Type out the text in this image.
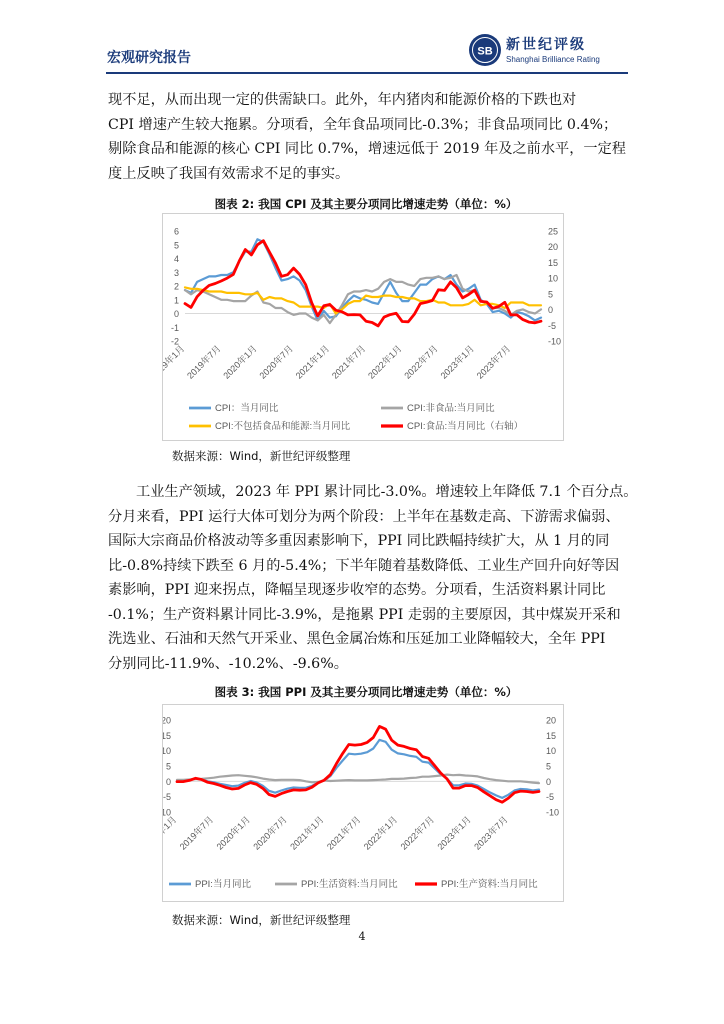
宏观研究报告	SB 新世纪评级
Shanghai Brilliance Rating

现不足，从而出现一定的供需缺口。此外，年内猪肉和能源价格的下跌也对
CPI 增速产生较大拖累。分项看，全年食品项同比-0.3%；非食品项同比 0.4%；
剔除食品和能源的核心 CPI 同比 0.7%，增速远低于 2019 年及之前水平，一定程
度上反映了我国有效需求不足的事实。

图表 2: 我国 CPI 及其主要分项同比增速走势（单位：%）
6
5
4
3
2
1
0
-1
-2
25
20
15
10
5
0
-5
-10
2019年1月
2019年7月
2020年1月
2020年7月
2021年1月
2021年7月
2022年1月
2022年7月
2023年1月
2023年7月
CPI：当月同比	CPI:非食品:当月同比
CPI:不包括食品和能源:当月同比	CPI:食品:当月同比（右轴）
数据来源：Wind，新世纪评级整理

工业生产领域，2023 年 PPI 累计同比-3.0%。增速较上年降低 7.1 个百分点。
分月来看，PPI 运行大体可划分为两个阶段：上半年在基数走高、下游需求偏弱、
国际大宗商品价格波动等多重因素影响下，PPI 同比跌幅持续扩大，从 1 月的同
比-0.8%持续下跌至 6 月的-5.4%；下半年随着基数降低、工业生产回升向好等因
素影响，PPI 迎来拐点，降幅呈现逐步收窄的态势。分项看，生活资料累计同比
-0.1%；生产资料累计同比-3.9%，是拖累 PPI 走弱的主要原因，其中煤炭开采和
洗选业、石油和天然气开采业、黑色金属冶炼和压延加工业降幅较大，全年 PPI
分别同比-11.9%、-10.2%、-9.6%。

图表 3: 我国 PPI 及其主要分项同比增速走势（单位：%）
20
15
10
5
0
-5
10
20
15
10
5
0
-5
-10
2019年1月 2019年7月 2020年1月 2020年7月 2021年1月 2021年7月 2022年1月 2022年7月 2023年1月 2023年7月
PPI:当月同比	PPI:生活资料:当月同比	PPI:生产资料:当月同比
数据来源：Wind，新世纪评级整理
4
